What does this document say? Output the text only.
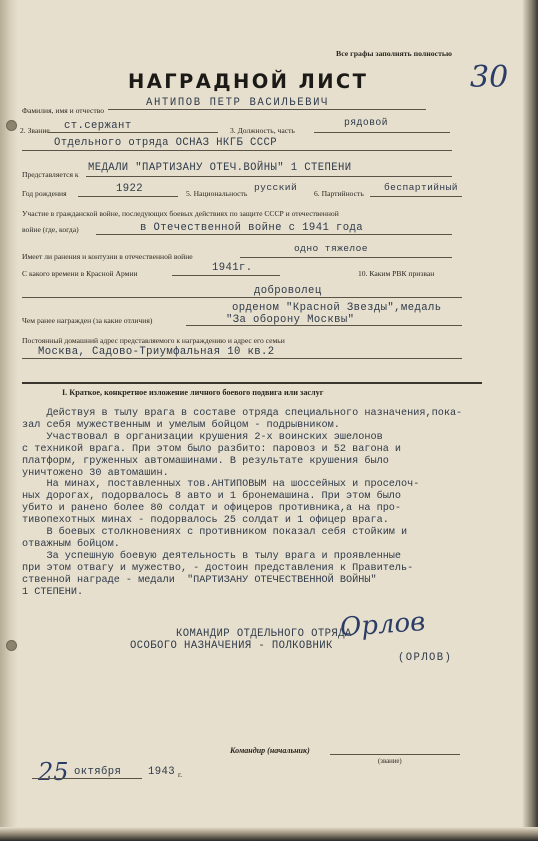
Все графы заполнять полностью
30
НАГРАДНОЙ ЛИСТ
Фамилия, имя и отчество
АНТИПОВ ПЕТР ВАСИЛЬЕВИЧ
2. Звание ст.сержант	3. Должность, часть
рядовой
Отдельного отряда ОСНАЗ НКГБ СССР
Представляется к
МЕДАЛИ "ПАРТИЗАНУ ОТЕЧ.ВОЙНЫ" 1 СТЕПЕНИ
Год рождения	1922	5. Национальность
русский
6. Партийность
беспартийный
Участие в гражданской войне, последующих боевых действиях по защите СССР и отечественной
войне (где, когда)	в Отечественной войне с 1941 года
Имеет ли ранения и контузии в отечественной войне
одно тяжелое
С какого времени в Красной Армии	1941г.	10. Каким РВК призван
доброволец
Чем ранее награжден (за какие отличия)
орденом "Красной Звезды",медаль
"За оборону Москвы"
Постоянный домашний адрес представляемого к награждению и адрес его семьи
Москва, Садово-Триумфальная 10 кв.2
I. Краткое, конкретное изложение личного боевого подвига или заслуг
Действуя в тылу врага в составе отряда специального назначения,пока-
зал себя мужественным и умелым бойцом - подрывником.
Участвовал в организации крушения 2-х воинских эшелонов
с техникой врага. При этом было разбито: паровоз и 52 вагона и
платформ, груженных автомашинами. В результате крушения было
уничтожено 30 автомашин.
На минах, поставленных тов.АНТИПОВЫМ на шоссейных и проселоч-
ных дорогах, подорвалось 8 авто и 1 бронемашина. При этом было
убито и ранено более 80 солдат и офицеров противника,а на про-
тивопехотных минах - подорвалось 25 солдат и 1 офицер врага.
В боевых столкновениях с противником показал себя стойким и
отважным бойцом.
За успешную боевую деятельность в тылу врага и проявленные
при этом отвагу и мужество, - достоин представления к Правитель-
ственной награде - медали  "ПАРТИЗАНУ ОТЕЧЕСТВЕННОЙ ВОЙНЫ"
1 СТЕПЕНИ.
КОМАНДИР ОТДЕЛЬНОГО ОТРЯДА
ОСОБОГО НАЗНАЧЕНИЯ - ПОЛКОВНИК
(ОРЛОВ)
Орлов
25 октября	1943 г.
Командир (начальник)
(звание)
